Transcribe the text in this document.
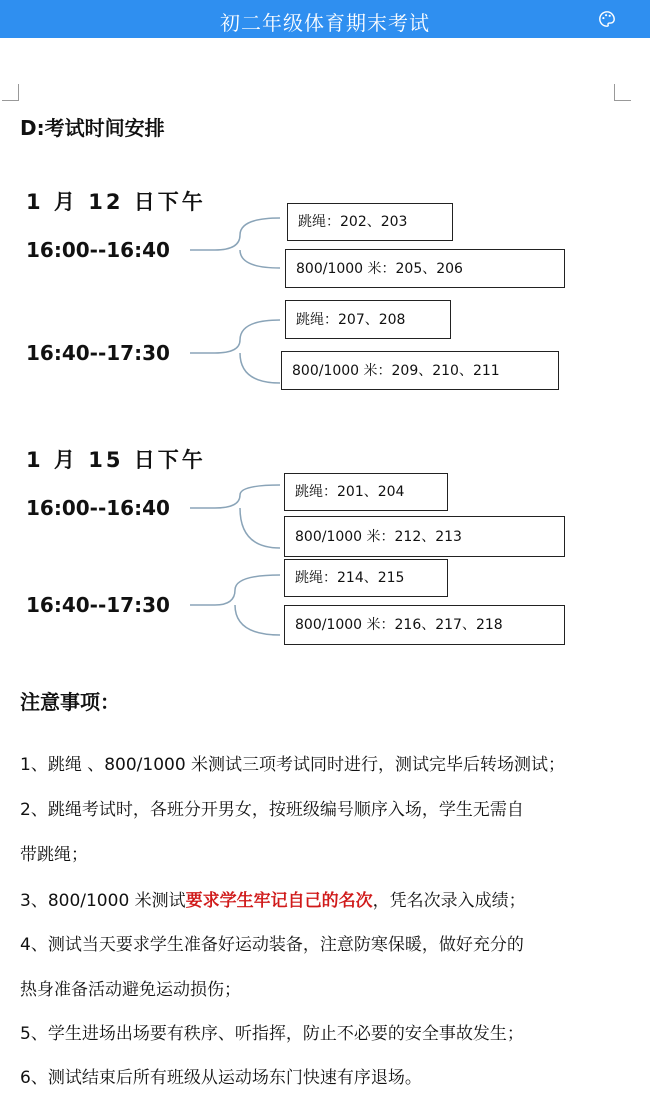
初二年级体育期末考试
D:考试时间安排
1 月 12 日下午
16:00--16:40
跳绳：202、203
800/1000 米：205、206
16:40--17:30
跳绳：207、208
800/1000 米：209、210、211
1 月 15 日下午
16:00--16:40
跳绳：201、204
800/1000 米：212、213
16:40--17:30
跳绳：214、215
800/1000 米：216、217、218
注意事项：
1、跳绳 、800/1000 米测试三项考试同时进行，测试完毕后转场测试；
2、跳绳考试时，各班分开男女，按班级编号顺序入场，学生无需自
带跳绳；
3、800/1000 米测试要求学生牢记自己的名次，凭名次录入成绩；
4、测试当天要求学生准备好运动装备，注意防寒保暖，做好充分的
热身准备活动避免运动损伤；
5、学生进场出场要有秩序、听指挥，防止不必要的安全事故发生；
6、测试结束后所有班级从运动场东门快速有序退场。
